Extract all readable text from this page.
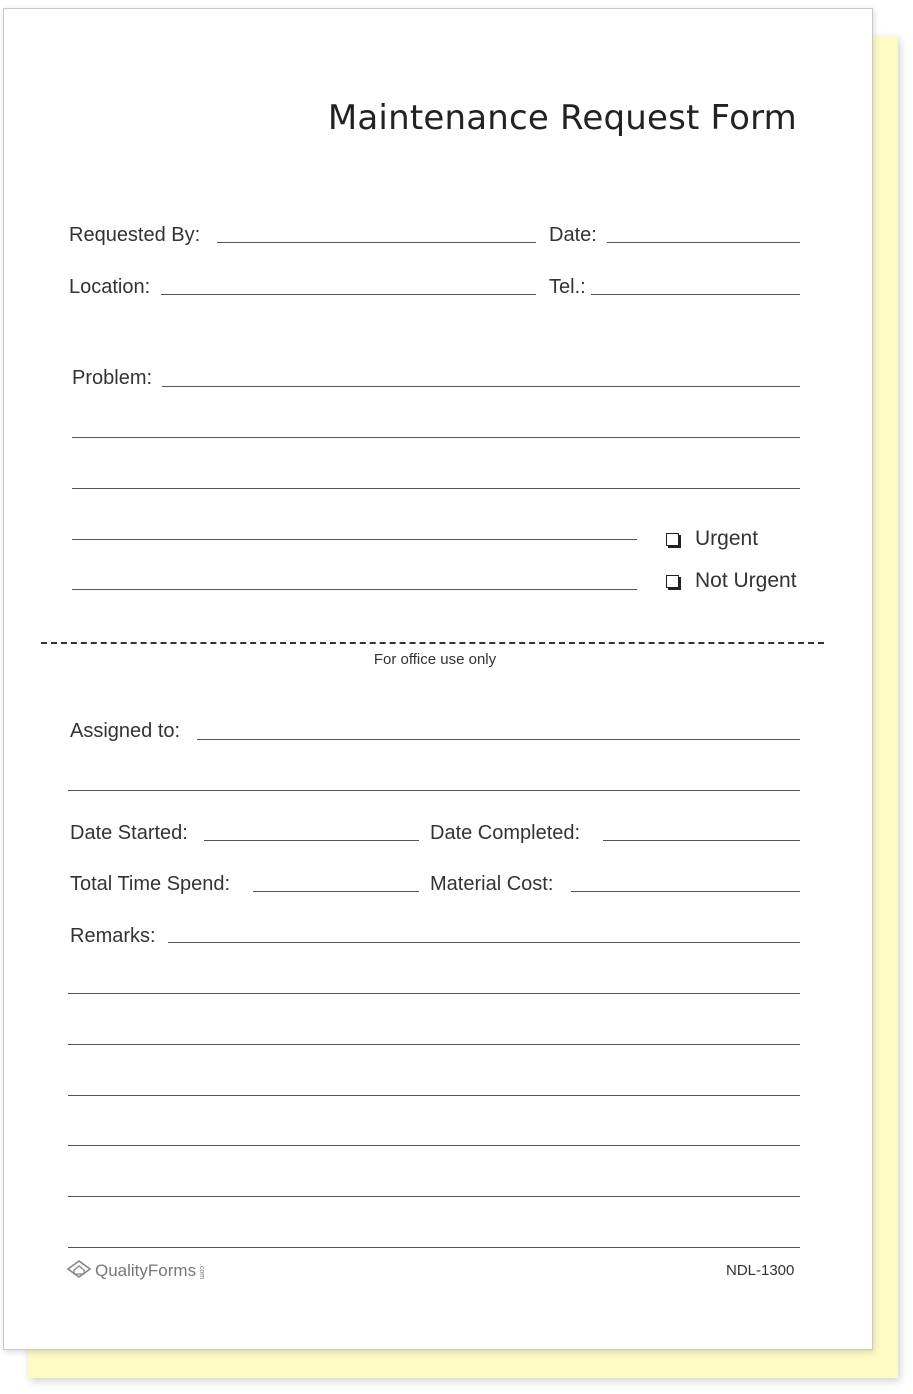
Maintenance Request Form
Requested By:	Date:
Location:	Tel.:
Problem:
Urgent
Not Urgent
For office use only
Assigned to:
Date Started:	Date Completed:
Total Time Spend:	Material Cost:
Remarks:
QualityForms .com	NDL-1300
